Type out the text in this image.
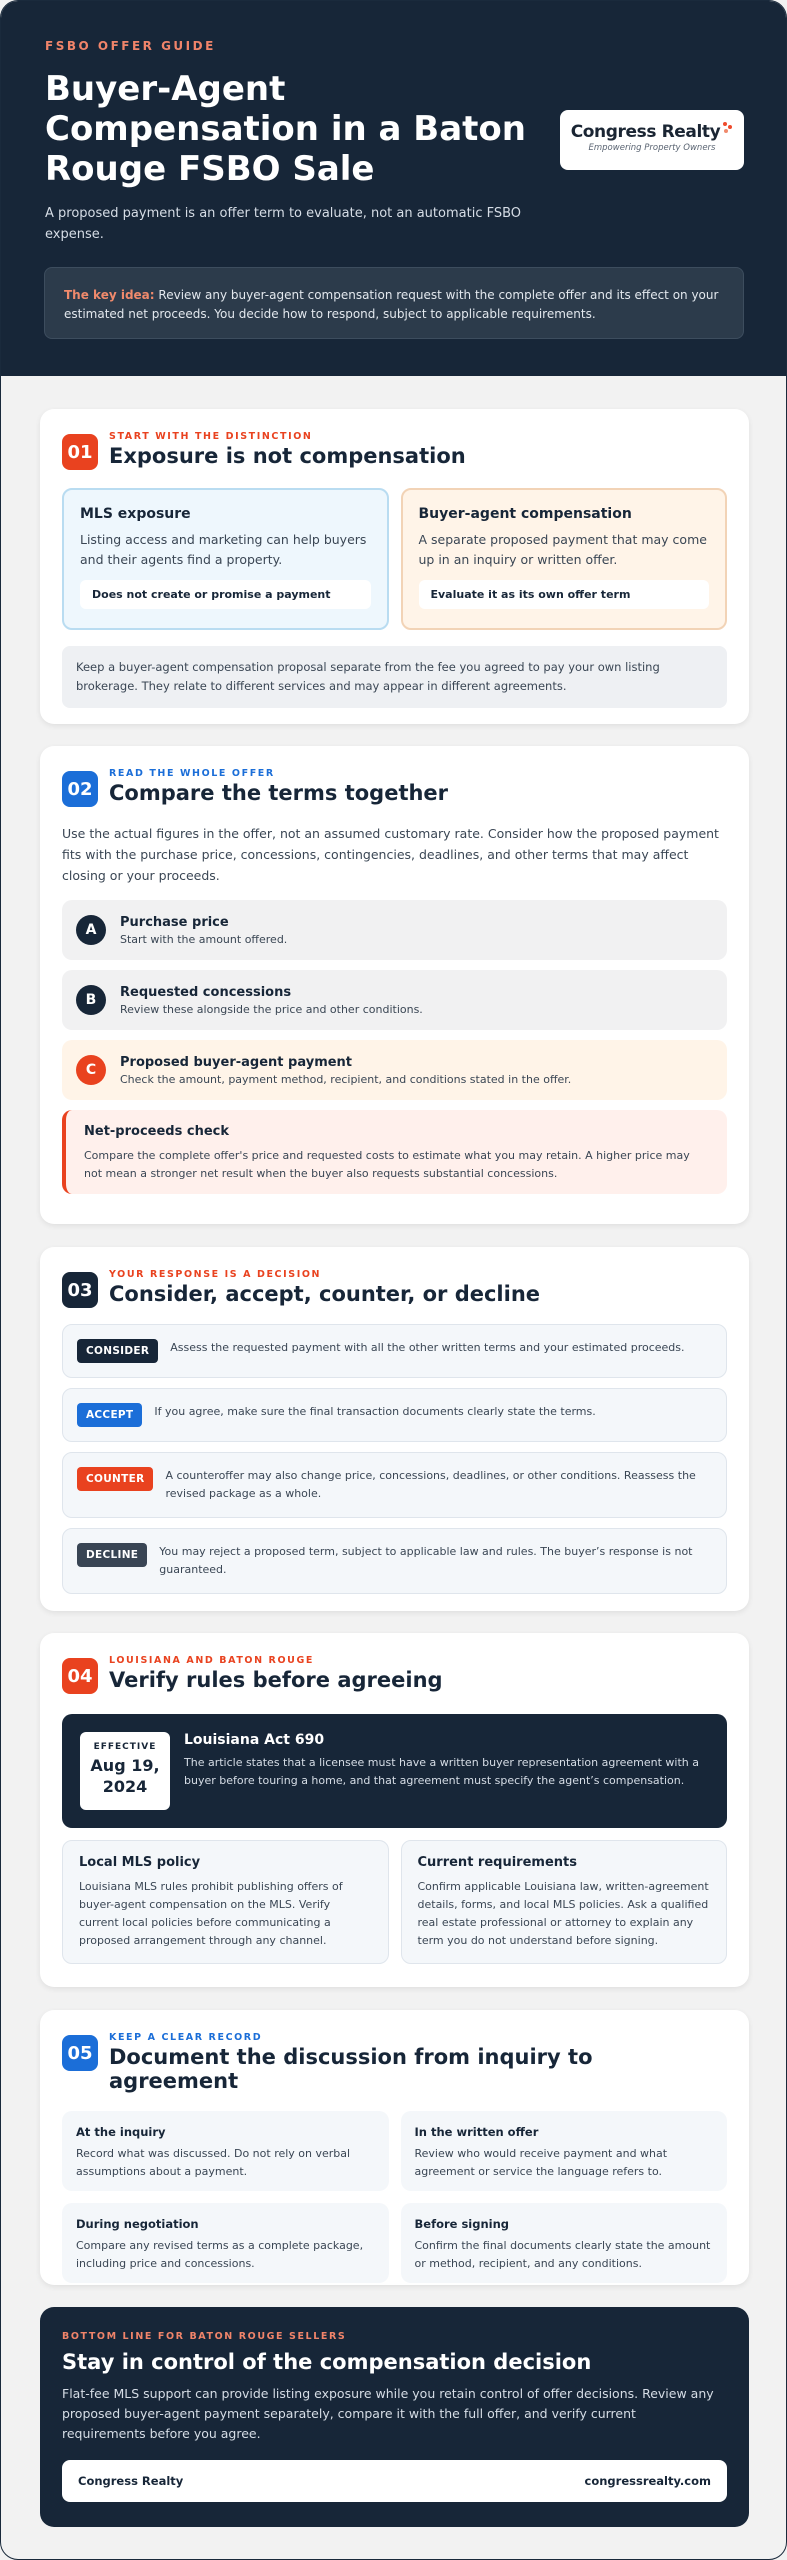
FSBO OFFER GUIDE
Buyer-Agent Compensation in a Baton Rouge FSBO Sale
A proposed payment is an offer term to evaluate, not an automatic FSBO expense.
Congress Realty
Empowering Property Owners
The key idea: Review any buyer-agent compensation request with the complete offer and its effect on your estimated net proceeds. You decide how to respond, subject to applicable requirements.
01
START WITH THE DISTINCTION
Exposure is not compensation
MLS exposure

Listing access and marketing can help buyers and their agents find a property.

Does not create or promise a payment
Buyer-agent compensation

A separate proposed payment that may come up in an inquiry or written offer.

Evaluate it as its own offer term
Keep a buyer-agent compensation proposal separate from the fee you agreed to pay your own listing brokerage. They relate to different services and may appear in different agreements.
02
READ THE WHOLE OFFER
Compare the terms together

Use the actual figures in the offer, not an assumed customary rate. Consider how the proposed payment fits with the purchase price, concessions, contingencies, deadlines, and other terms that may affect closing or your proceeds.

A	Purchase price

Start with the amount offered.

B	Requested concessions

Review these alongside the price and other conditions.

C	Proposed buyer-agent payment

Check the amount, payment method, recipient, and conditions stated in the offer.

Net-proceeds check

Compare the complete offer's price and requested costs to estimate what you may retain. A higher price may not mean a stronger net result when the buyer also requests substantial concessions.

03
YOUR RESPONSE IS A DECISION
Consider, accept, counter, or decline
CONSIDER	Assess the requested payment with all the other written terms and your estimated proceeds.

ACCEPT	If you agree, make sure the final transaction documents clearly state the terms.

COUNTER	A counteroffer may also change price, concessions, deadlines, or other conditions. Reassess the revised package as a whole.

DECLINE	You may reject a proposed term, subject to applicable law and rules. The buyer’s response is not guaranteed.

04
LOUISIANA AND BATON ROUGE
Verify rules before agreeing
EFFECTIVE
Aug 19, 2024
Louisiana Act 690

The article states that a licensee must have a written buyer representation agreement with a buyer before touring a home, and that agreement must specify the agent’s compensation.

Local MLS policy

Louisiana MLS rules prohibit publishing offers of buyer-agent compensation on the MLS. Verify current local policies before communicating a proposed arrangement through any channel.

Current requirements

Confirm applicable Louisiana law, written-agreement details, forms, and local MLS policies. Ask a qualified real estate professional or attorney to explain any term you do not understand before signing.

05
KEEP A CLEAR RECORD
Document the discussion from inquiry to agreement
At the inquiry

Record what was discussed. Do not rely on verbal assumptions about a payment.

In the written offer

Review who would receive payment and what agreement or service the language refers to.

During negotiation

Compare any revised terms as a complete package, including price and concessions.

Before signing

Confirm the final documents clearly state the amount or method, recipient, and any conditions.

BOTTOM LINE FOR BATON ROUGE SELLERS
Stay in control of the compensation decision

Flat-fee MLS support can provide listing exposure while you retain control of offer decisions. Review any proposed buyer-agent payment separately, compare it with the full offer, and verify current requirements before you agree.

Congress Realty	congressrealty.com
